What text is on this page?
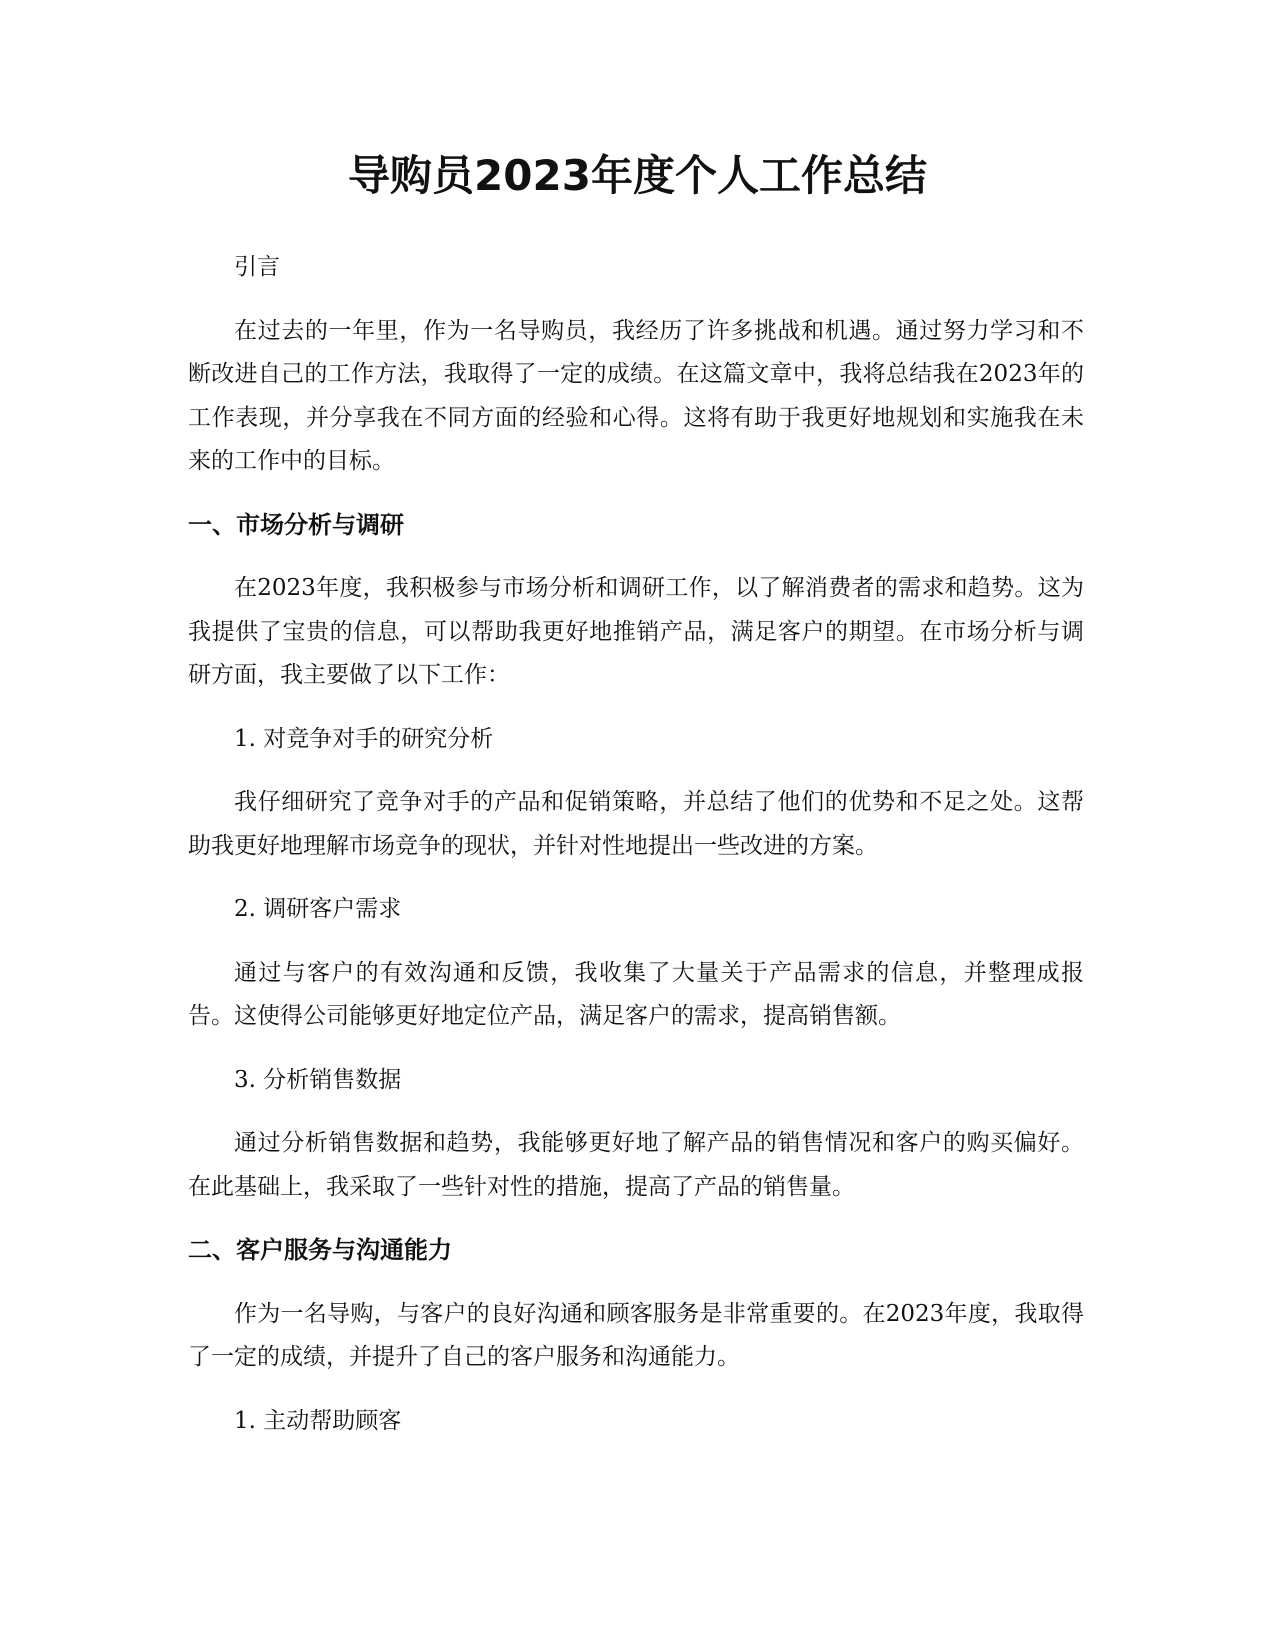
导购员2023年度个人工作总结

引言

在过去的一年里，作为一名导购员，我经历了许多挑战和机遇。通过努力学习和不断改进自己的工作方法，我取得了一定的成绩。在这篇文章中，我将总结我在2023年的工作表现，并分享我在不同方面的经验和心得。这将有助于我更好地规划和实施我在未来的工作中的目标。

一、市场分析与调研

在2023年度，我积极参与市场分析和调研工作，以了解消费者的需求和趋势。这为我提供了宝贵的信息，可以帮助我更好地推销产品，满足客户的期望。在市场分析与调研方面，我主要做了以下工作：

1. 对竞争对手的研究分析

我仔细研究了竞争对手的产品和促销策略，并总结了他们的优势和不足之处。这帮助我更好地理解市场竞争的现状，并针对性地提出一些改进的方案。

2. 调研客户需求

通过与客户的有效沟通和反馈，我收集了大量关于产品需求的信息，并整理成报告。这使得公司能够更好地定位产品，满足客户的需求，提高销售额。

3. 分析销售数据

通过分析销售数据和趋势，我能够更好地了解产品的销售情况和客户的购买偏好。在此基础上，我采取了一些针对性的措施，提高了产品的销售量。

二、客户服务与沟通能力

作为一名导购，与客户的良好沟通和顾客服务是非常重要的。在2023年度，我取得了一定的成绩，并提升了自己的客户服务和沟通能力。

1. 主动帮助顾客
